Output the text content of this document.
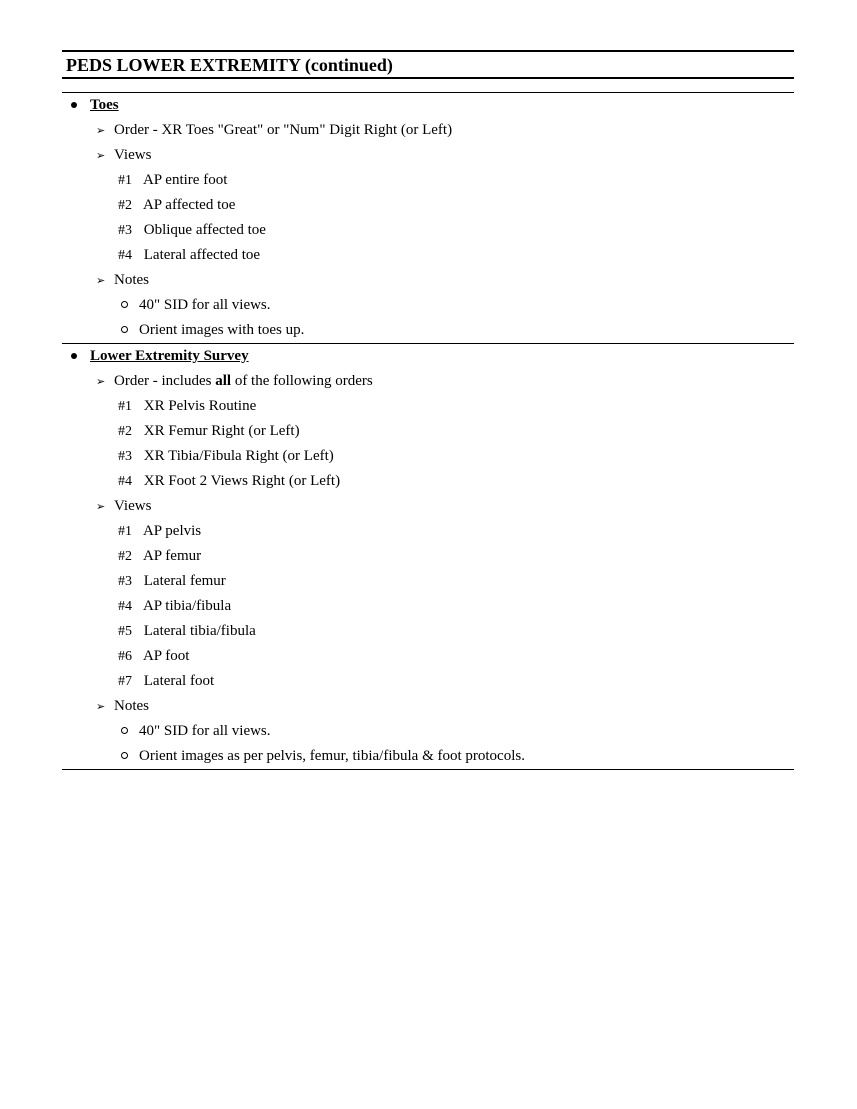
PEDS LOWER EXTREMITY (continued)
Toes
➢ Order - XR Toes "Great" or "Num" Digit Right (or Left)
➢ Views
#1 AP entire foot
#2 AP affected toe
#3 Oblique affected toe
#4 Lateral affected toe
➢ Notes
40" SID for all views.
Orient images with toes up.
Lower Extremity Survey
➢ Order - includes all of the following orders
#1 XR Pelvis Routine
#2 XR Femur Right (or Left)
#3 XR Tibia/Fibula Right (or Left)
#4 XR Foot 2 Views Right (or Left)
➢ Views
#1 AP pelvis
#2 AP femur
#3 Lateral femur
#4 AP tibia/fibula
#5 Lateral tibia/fibula
#6 AP foot
#7 Lateral foot
➢ Notes
40" SID for all views.
Orient images as per pelvis, femur, tibia/fibula & foot protocols.
